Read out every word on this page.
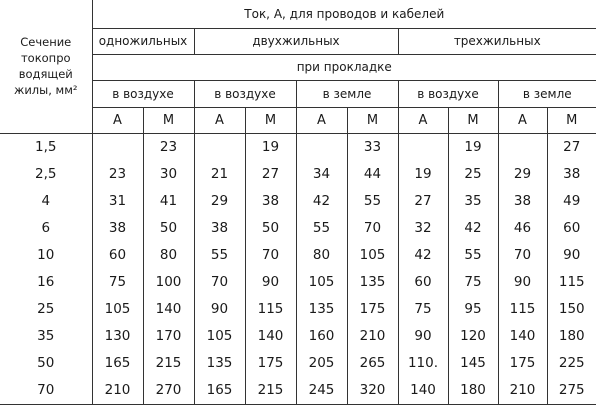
Сечение
токопро
водящей
жилы, мм²	Ток, А, для проводов и кабелей									
	одножильных		двухжильных				трехжильных			
	при прокладке									
	в воздухе		в воздухе		в земле		в воздухе		в земле	
	А	М	А	М	А	М	А	М	А	М
1,5		23		19		33		19		27
2,5	23	30	21	27	34	44	19	25	29	38
4	31	41	29	38	42	55	27	35	38	49
6	38	50	38	50	55	70	32	42	46	60
10	60	80	55	70	80	105	42	55	70	90
16	75	100	70	90	105	135	60	75	90	115
25	105	140	90	115	135	175	75	95	115	150
35	130	170	105	140	160	210	90	120	140	180
50	165	215	135	175	205	265	110.	145	175	225
70	210	270	165	215	245	320	140	180	210	275
